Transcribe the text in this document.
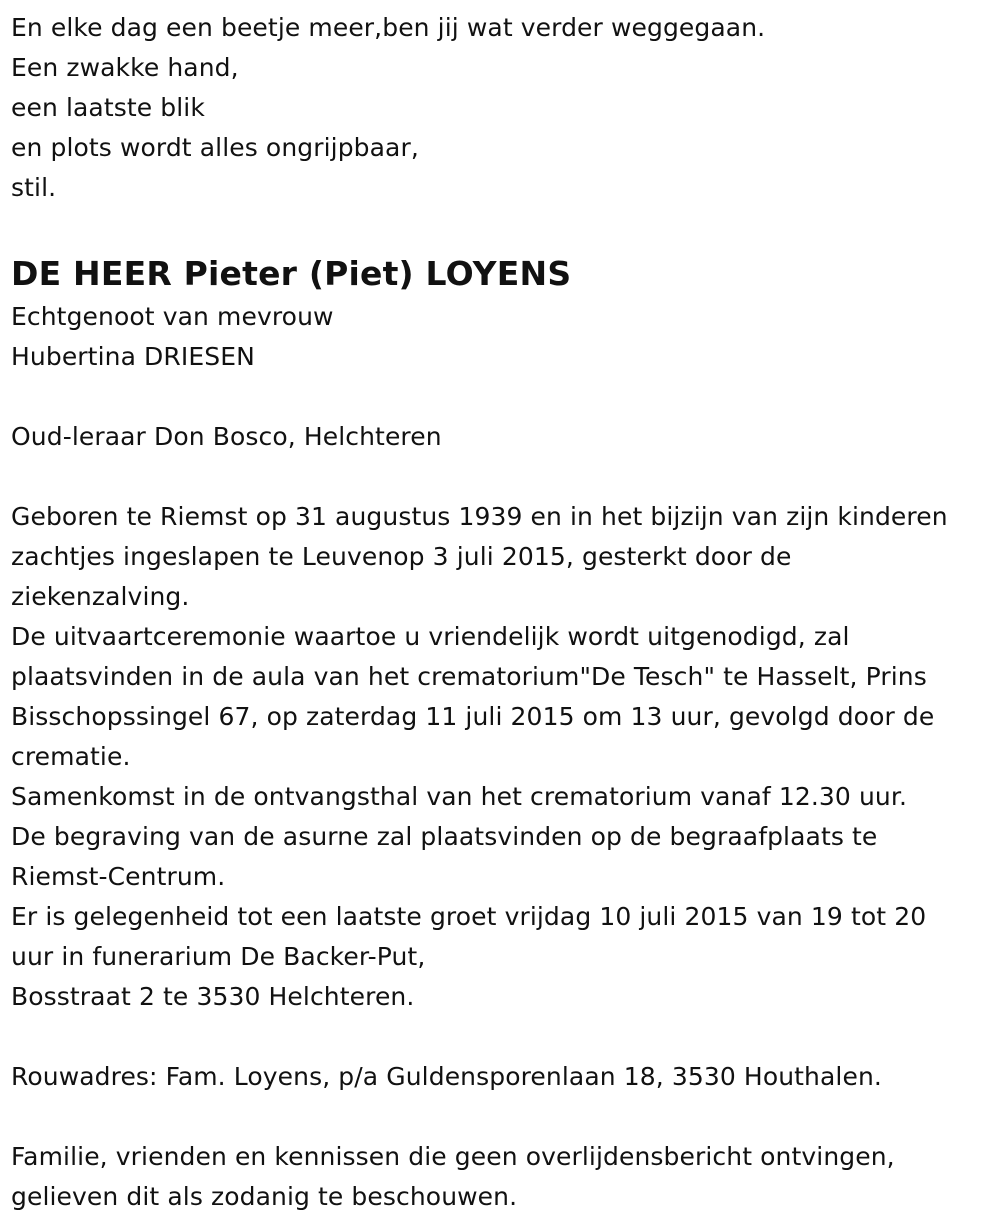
En elke dag een beetje meer,ben jij wat verder weggegaan.
Een zwakke hand,
een laatste blik
en plots wordt alles ongrijpbaar,
stil.
DE HEER Pieter (Piet) LOYENS
Echtgenoot van mevrouw
Hubertina DRIESEN
Oud-leraar Don Bosco, Helchteren
Geboren te Riemst op 31 augustus 1939 en in het bijzijn van zijn kinderen
zachtjes ingeslapen te Leuvenop 3 juli 2015, gesterkt door de
ziekenzalving.
De uitvaartceremonie waartoe u vriendelijk wordt uitgenodigd, zal
plaatsvinden in de aula van het crematorium"De Tesch" te Hasselt, Prins
Bisschopssingel 67, op zaterdag 11 juli 2015 om 13 uur, gevolgd door de
crematie.
Samenkomst in de ontvangsthal van het crematorium vanaf 12.30 uur.
De begraving van de asurne zal plaatsvinden op de begraafplaats te
Riemst-Centrum.
Er is gelegenheid tot een laatste groet vrijdag 10 juli 2015 van 19 tot 20
uur in funerarium De Backer-Put,
Bosstraat 2 te 3530 Helchteren.
Rouwadres: Fam. Loyens, p/a Guldensporenlaan 18, 3530 Houthalen.
Familie, vrienden en kennissen die geen overlijdensbericht ontvingen,
gelieven dit als zodanig te beschouwen.
